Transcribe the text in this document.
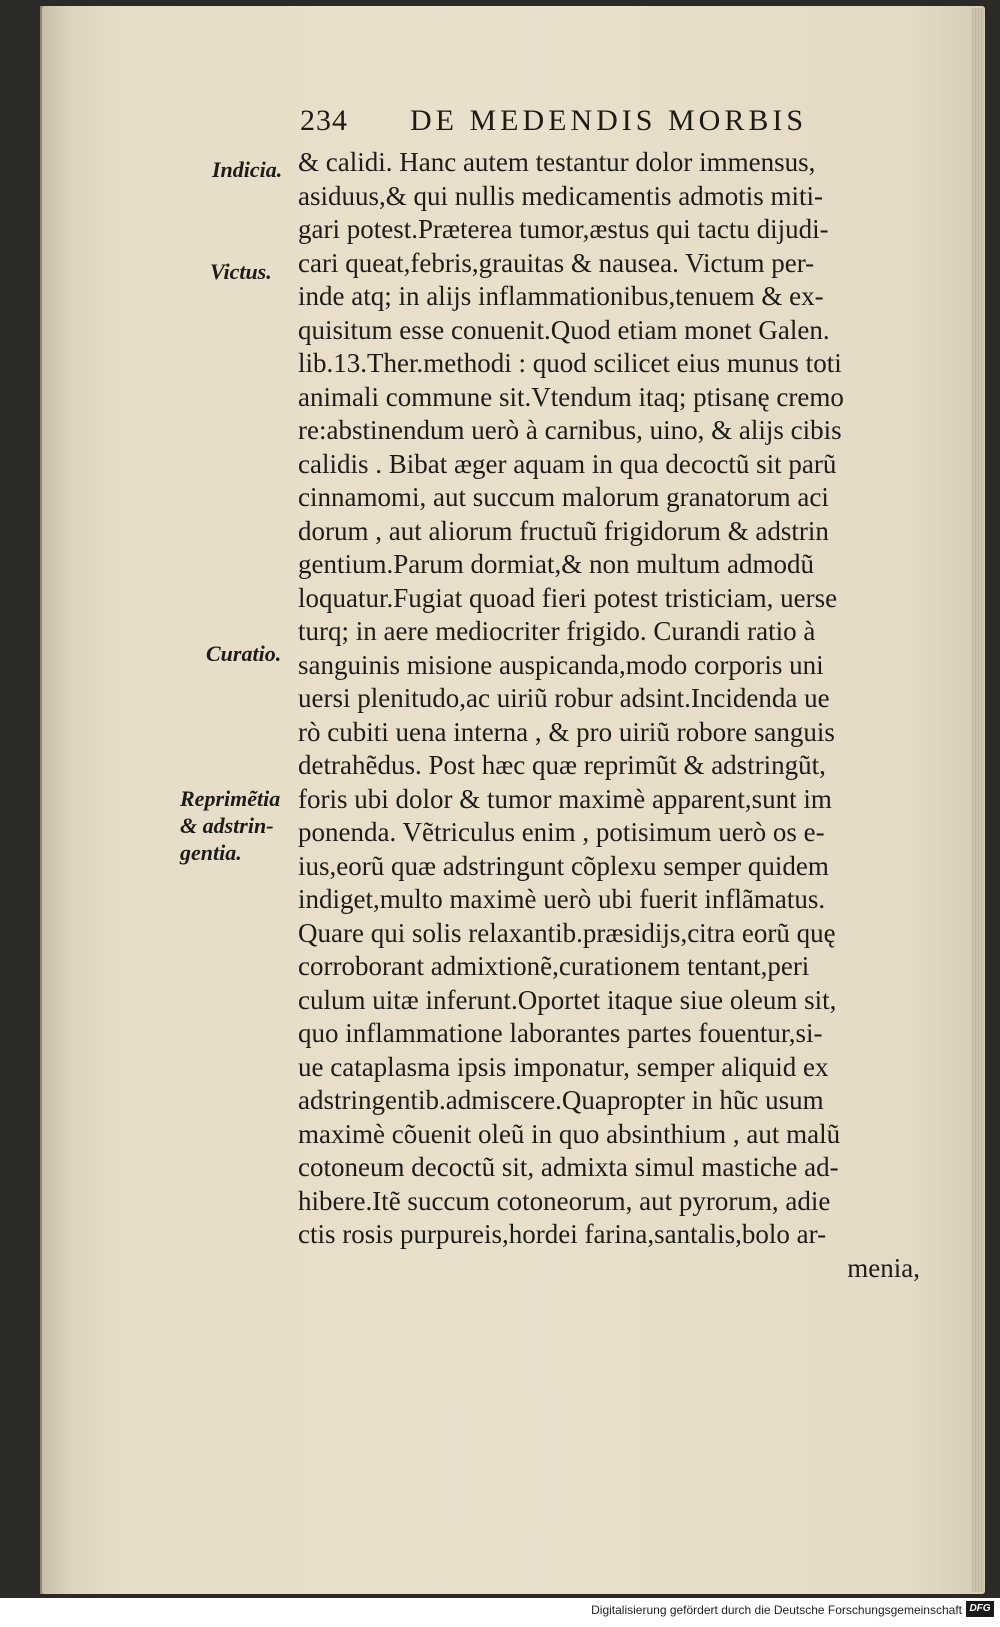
234 DE MEDENDIS MORBIS
& calidi. Hanc autem testantur dolor immensus,
asiduus,& qui nullis medicamentis admotis miti-
gari potest.Præterea tumor,æstus qui tactu dijudi-
cari queat,febris,grauitas & nausea. Victum per-
inde atq; in alijs inflammationibus,tenuem & ex-
quisitum esse conuenit.Quod etiam monet Galen.
lib.13.Ther.methodi : quod scilicet eius munus toti
animali commune sit.Vtendum itaq; ptisanę cremo
re:abstinendum uerò à carnibus, uino, & alijs cibis
calidis . Bibat æger aquam in qua decoctũ sit parũ
cinnamomi, aut succum malorum granatorum aci
dorum , aut aliorum fructuũ frigidorum & adstrin
gentium.Parum dormiat,& non multum admodũ
loquatur.Fugiat quoad fieri potest tristiciam, uerse
turq; in aere mediocriter frigido. Curandi ratio à
sanguinis misione auspicanda,modo corporis uni
uersi plenitudo,ac uiriũ robur adsint.Incidenda ue
rò cubiti uena interna , & pro uiriũ robore sanguis
detrahẽdus. Post hæc quæ reprimũt & adstringũt,
foris ubi dolor & tumor maximè apparent,sunt im
ponenda. Vẽtriculus enim , potisimum uerò os e-
ius,eorũ quæ adstringunt cõplexu semper quidem
indiget,multo maximè uerò ubi fuerit inflãmatus.
Quare qui solis relaxantib.præsidijs,citra eorũ quę
corroborant admixtionẽ,curationem tentant,peri
culum uitæ inferunt.Oportet itaque siue oleum sit,
quo inflammatione laborantes partes fouentur,si-
ue cataplasma ipsis imponatur, semper aliquid ex
adstringentib.admiscere.Quapropter in hũc usum
maximè cõuenit oleũ in quo absinthium , aut malũ
cotoneum decoctũ sit, admixta simul mastiche ad-
hibere.Itẽ succum cotoneorum, aut pyrorum, adie
ctis rosis purpureis,hordei farina,santalis,bolo ar-
menia,
Indicia.
Victus.
Curatio.
Reprimẽtia
& adstrin-
gentia.
Digitalisierung gefördert durch die Deutsche Forschungsgemeinschaft DFG
